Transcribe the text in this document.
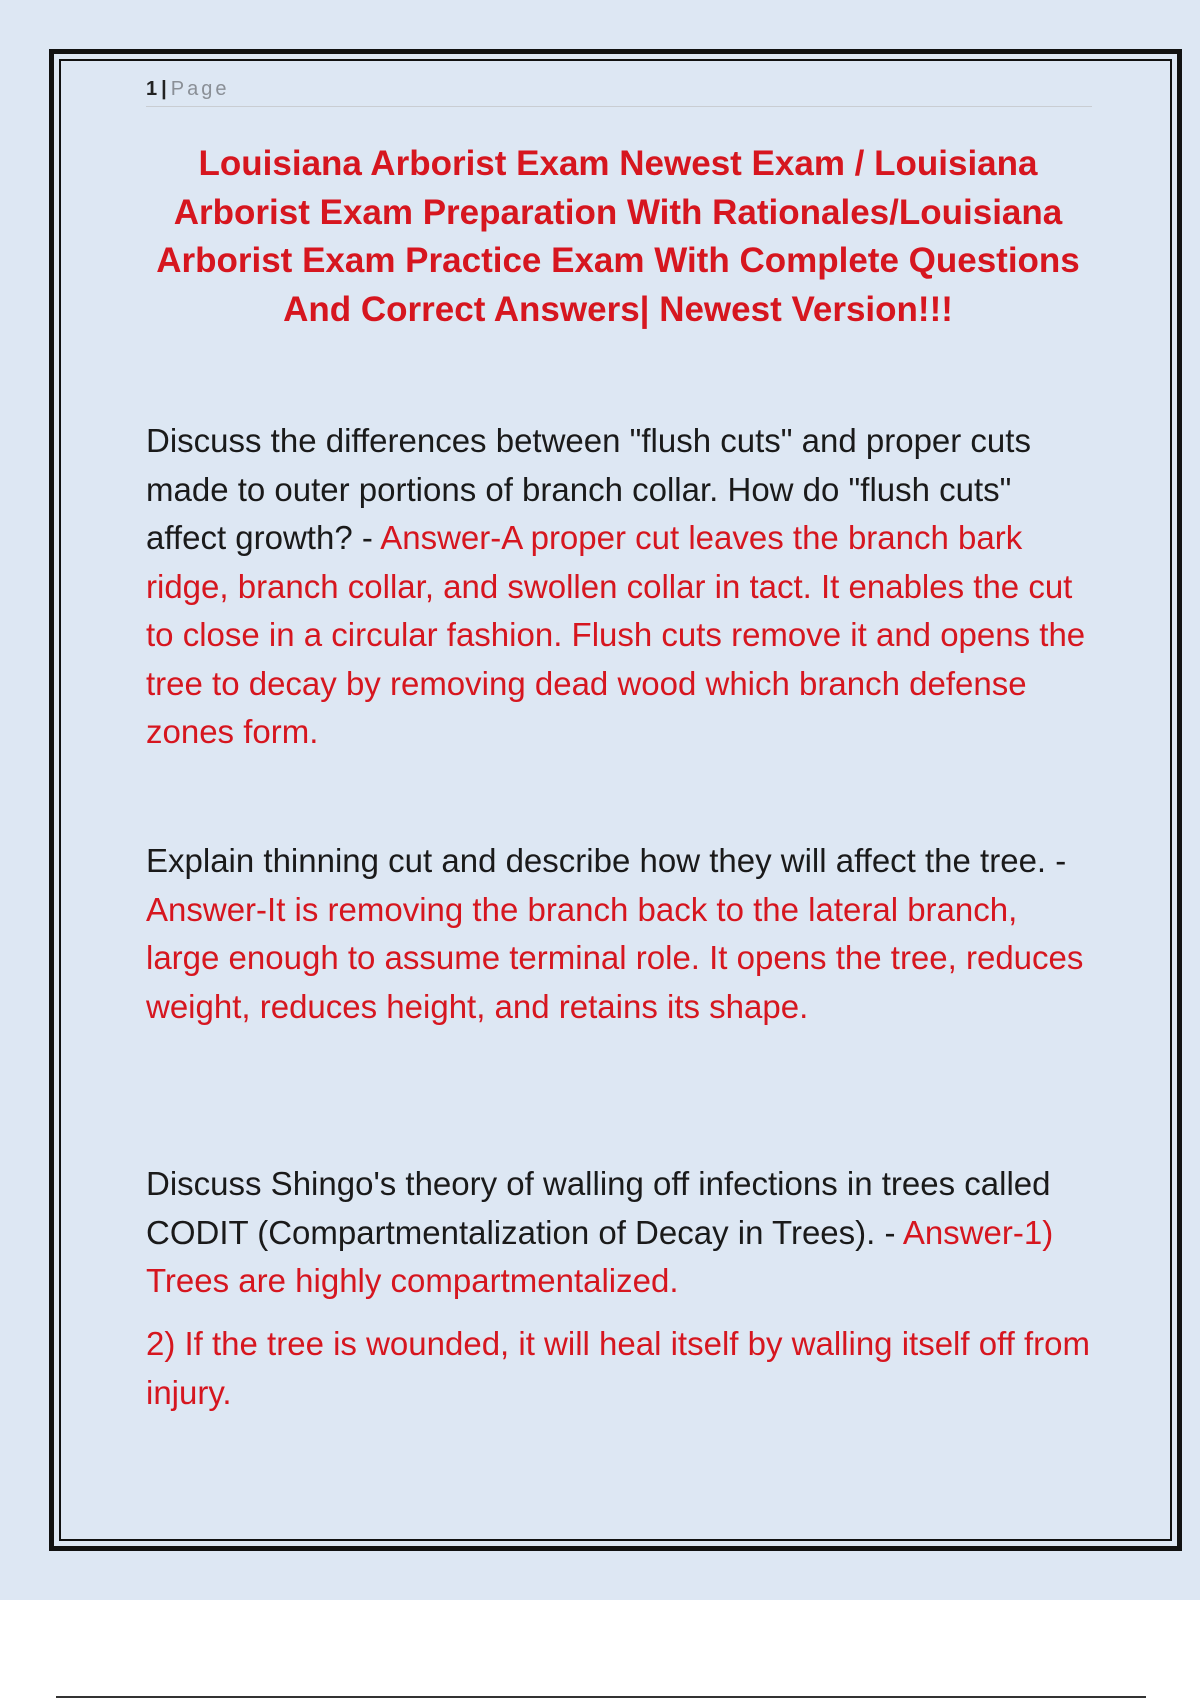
1 | Page
Louisiana Arborist Exam Newest Exam / Louisiana Arborist Exam Preparation With Rationales/Louisiana Arborist Exam Practice Exam With Complete Questions And Correct Answers| Newest Version!!!

Discuss the differences between "flush cuts" and proper cuts made to outer portions of branch collar. How do "flush cuts" affect growth? - Answer-A proper cut leaves the branch bark ridge, branch collar, and swollen collar in tact. It enables the cut to close in a circular fashion. Flush cuts remove it and opens the tree to decay by removing dead wood which branch defense zones form.

Explain thinning cut and describe how they will affect the tree. - Answer-It is removing the branch back to the lateral branch, large enough to assume terminal role. It opens the tree, reduces weight, reduces height, and retains its shape.

Discuss Shingo's theory of walling off infections in trees called CODIT (Compartmentalization of Decay in Trees). - Answer-1) Trees are highly compartmentalized.

2) If the tree is wounded, it will heal itself by walling itself off from injury.
